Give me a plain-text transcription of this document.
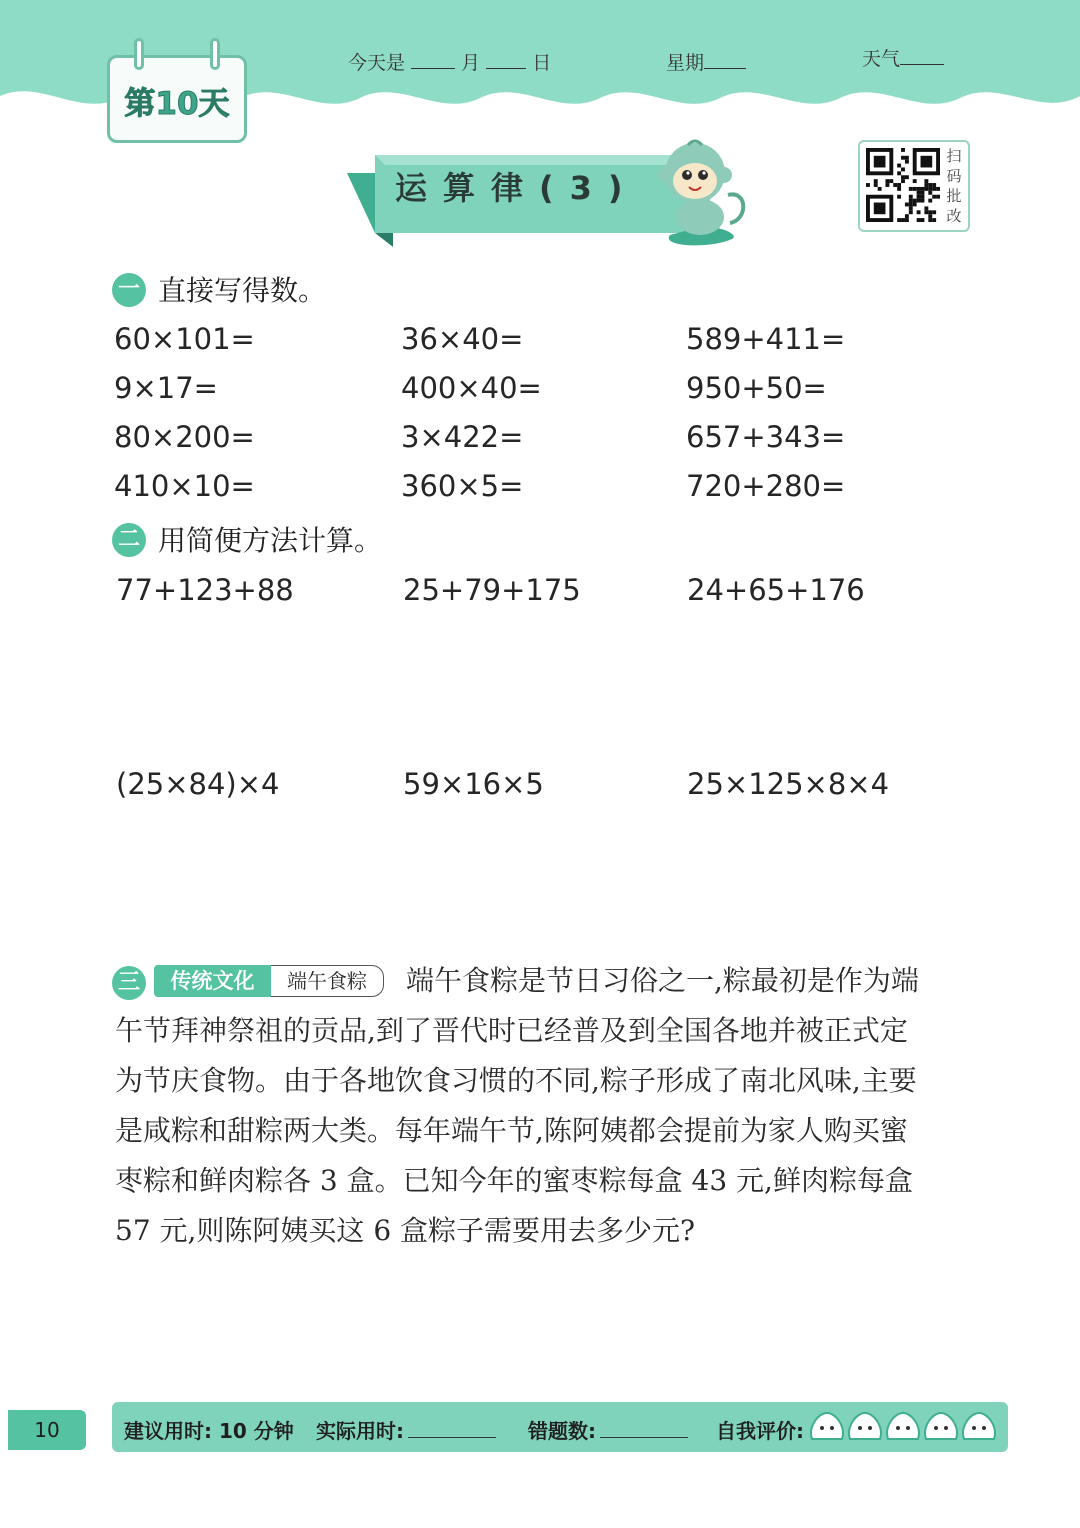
第10天
今天是	月	日	星期	天气
运算律(3)
扫
码
批
改
一 直接写得数。
60×101=	36×40=	589+411=
9×17=	400×40=	950+50=
80×200=	3×422=	657+343=
410×10=	360×5=	720+280=
二 用简便方法计算。
77+123+88	25+79+175	24+65+176
(25×84)×4	59×16×5	25×125×8×4
三	传统文化	端午食粽	端午食粽是节日习俗之一,粽最初是作为端
午节拜神祭祖的贡品,到了晋代时已经普及到全国各地并被正式定
为节庆食物。由于各地饮食习惯的不同,粽子形成了南北风味,主要
是咸粽和甜粽两大类。每年端午节,陈阿姨都会提前为家人购买蜜
枣粽和鲜肉粽各 3 盒。已知今年的蜜枣粽每盒 43 元,鲜肉粽每盒
57 元,则陈阿姨买这 6 盒粽子需要用去多少元?
10	建议用时: 10 分钟 实际用时:	错题数:	自我评价:
